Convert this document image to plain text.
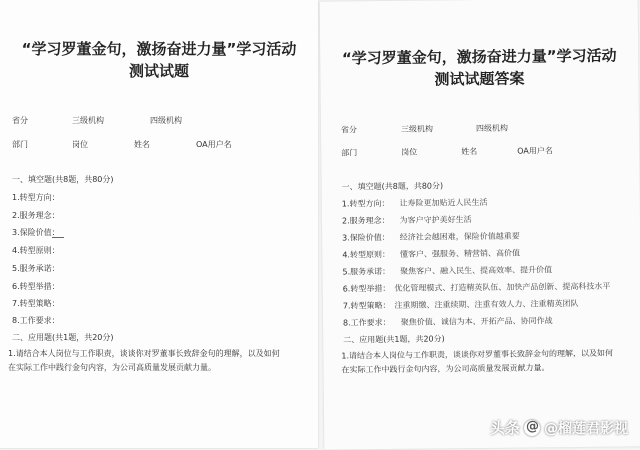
“学习罗董金句，激扬奋进力量”学习活动
测试试题
省分	三级机构	四级机构
部门	岗位	姓名	OA用户名
一、填空题(共8题，共80分)
1.转型方向：
2.服务理念：
3.保险价值：
4.转型原则：
5.服务承诺：
6.转型举措：
7.转型策略：
8.工作要求：
二、应用题(共1题，共20分)
1.请结合本人岗位与工作职责，谈谈你对罗董事长致辞金句的理解，以及如何
在实际工作中践行金句内容，为公司高质量发展贡献力量。
“学习罗董金句，激扬奋进力量”学习活动
测试试题答案
省分	三级机构	四级机构
部门	岗位	姓名	OA用户名
一、填空题(共8题，共80分)
1.转型方向： 让寿险更加贴近人民生活
2.服务理念： 为客户守护美好生活
3.保险价值： 经济社会越困难，保险价值越重要
4.转型原则： 懂客户、强服务、精营销、高价值
5.服务承诺： 聚焦客户、融入民生、提高效率、提升价值
6.转型举措： 优化管理模式、打造精英队伍、加快产品创新、提高科技水平
7.转型策略： 注重期缴、注重续期、注重有效人力、注重精英团队
8.工作要求： 聚焦价值、诚信为本、开拓产品、协同作战
二、应用题(共1题，共20分)
1.请结合本人岗位与工作职责，谈谈你对罗董事长致辞金句的理解，以及如何
在实际工作中践行金句内容，为公司高质量发展贡献力量。
头条
@ @榴莲君影视
